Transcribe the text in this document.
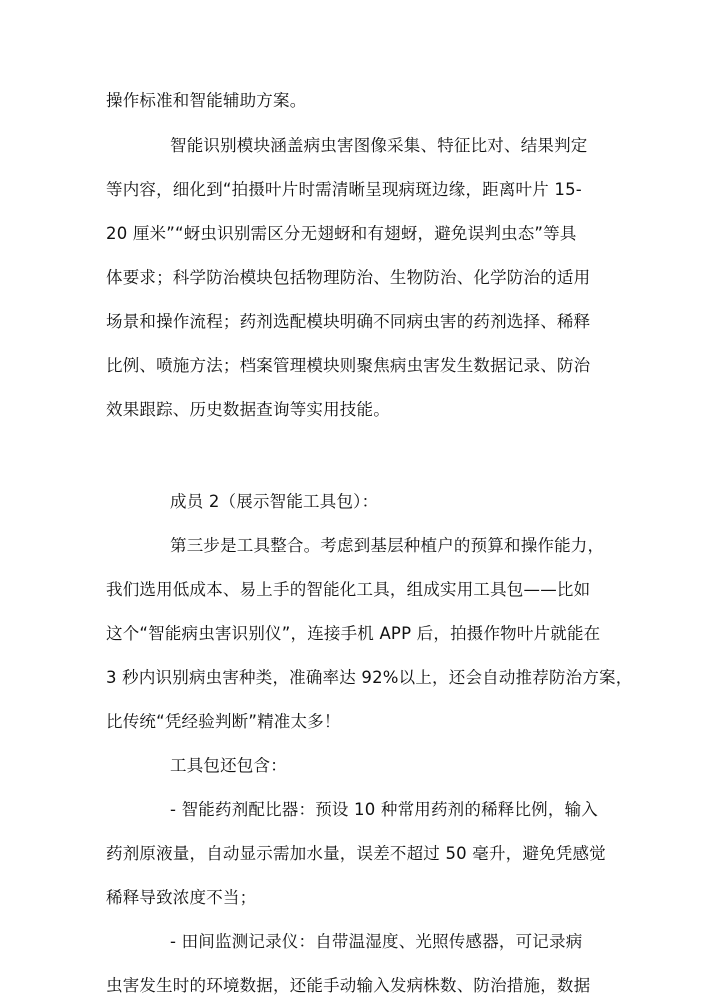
操作标准和智能辅助方案。
智能识别模块涵盖病虫害图像采集、特征比对、结果判定
等内容，细化到“拍摄叶片时需清晰呈现病斑边缘，距离叶片 15-
20 厘米”“蚜虫识别需区分无翅蚜和有翅蚜，避免误判虫态”等具
体要求；科学防治模块包括物理防治、生物防治、化学防治的适用
场景和操作流程；药剂选配模块明确不同病虫害的药剂选择、稀释
比例、喷施方法；档案管理模块则聚焦病虫害发生数据记录、防治
效果跟踪、历史数据查询等实用技能。
成员 2（展示智能工具包）：
第三步是工具整合。考虑到基层种植户的预算和操作能力，
我们选用低成本、易上手的智能化工具，组成实用工具包——比如
这个“智能病虫害识别仪”，连接手机 APP 后，拍摄作物叶片就能在
3 秒内识别病虫害种类，准确率达 92%以上，还会自动推荐防治方案，
比传统“凭经验判断”精准太多！
工具包还包含：
- 智能药剂配比器：预设 10 种常用药剂的稀释比例，输入
药剂原液量，自动显示需加水量，误差不超过 50 毫升，避免凭感觉
稀释导致浓度不当；
- 田间监测记录仪：自带温湿度、光照传感器，可记录病
虫害发生时的环境数据，还能手动输入发病株数、防治措施，数据
